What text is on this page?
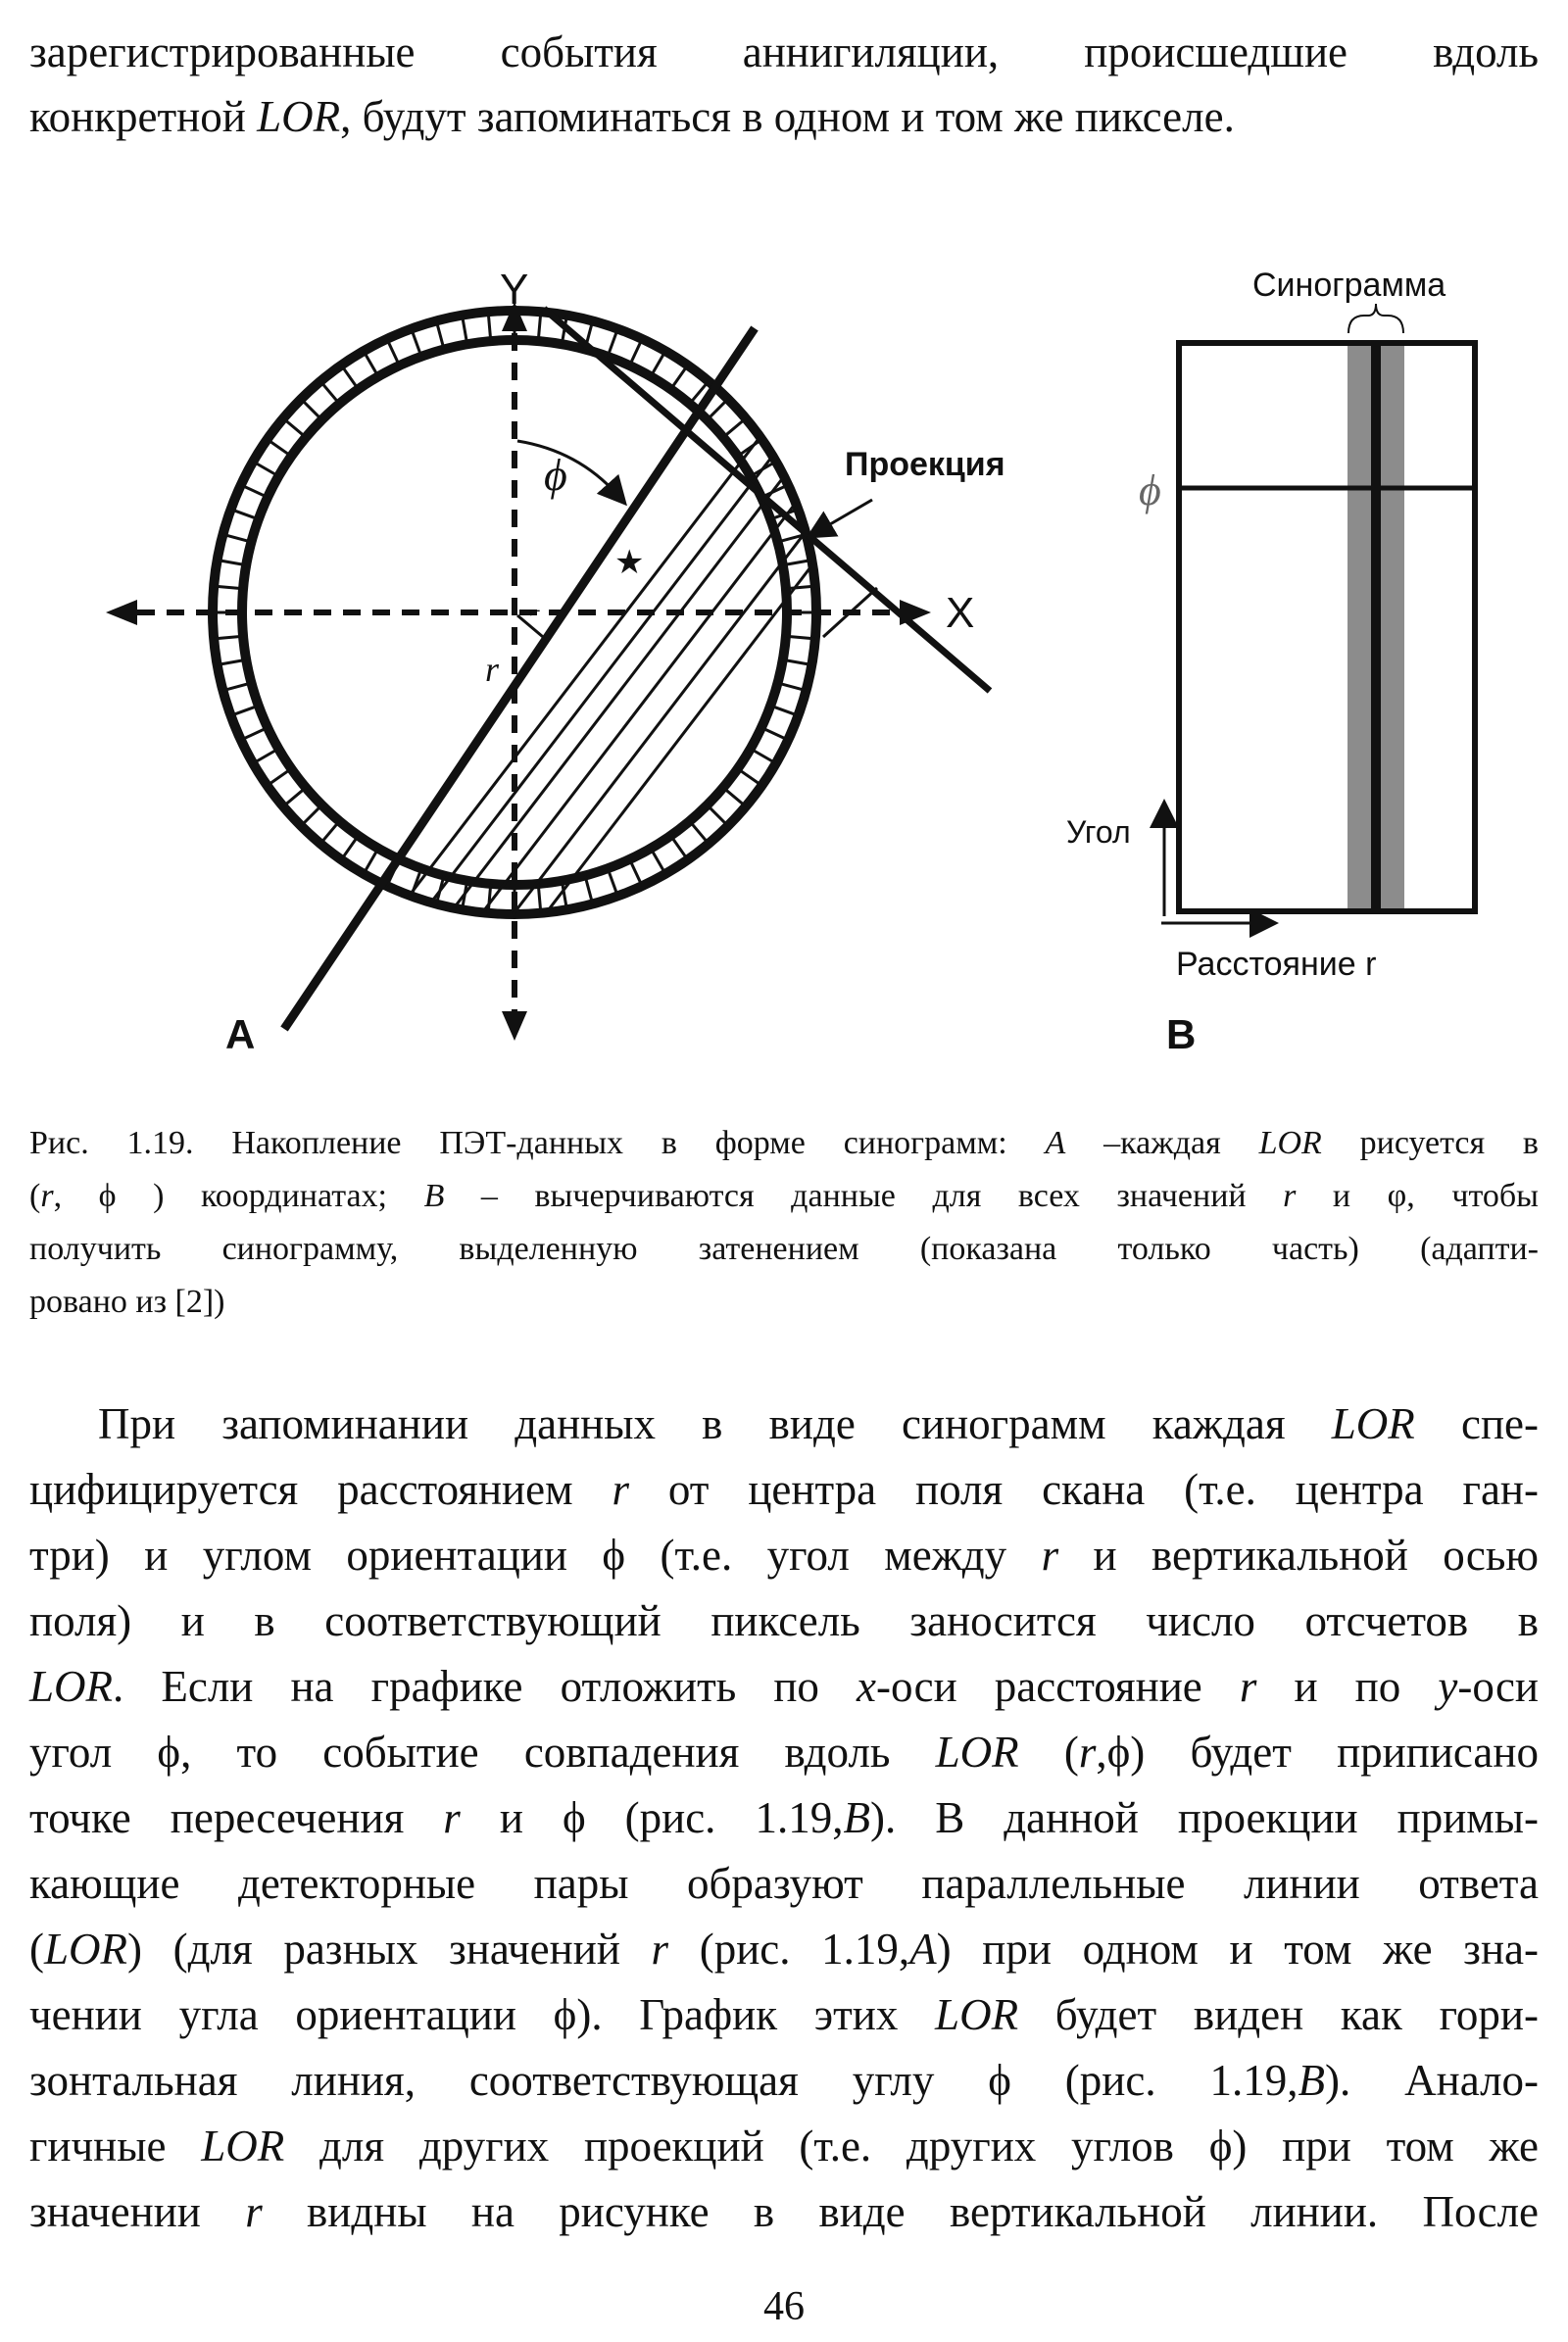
зарегистрированные события аннигиляции, происшедшие вдоль

конкретной LOR, будут запоминаться в одном и том же пикселе.

⌐
★
Y
X
ϕ
r
Проекция
A
Синограмма
ϕ
Угол
Расстояние r
B

Рис. 1.19. Накопление ПЭТ-данных в форме синограмм: A –каждая LOR рисуется в

(r, ϕ ) координатах; B – вычерчиваются данные для всех значений r и φ, чтобы

получить синограмму, выделенную затенением (показана только часть) (адапти-

ровано из [2])

При запоминании данных в виде синограмм каждая LOR спе-

цифицируется расстоянием r от центра поля скана (т.е. центра ган-

три) и углом ориентации ϕ (т.е. угол между r и вертикальной осью

поля) и в соответствующий пиксель заносится число отсчетов в

LOR. Если на графике отложить по x-оси расстояние r и по y-оси

угол ϕ, то событие совпадения вдоль LOR (r,ϕ) будет приписано

точке пересечения r и ϕ (рис. 1.19,B). В данной проекции примы-

кающие детекторные пары образуют параллельные линии ответа

(LOR) (для разных значений r (рис. 1.19,A) при одном и том же зна-

чении угла ориентации ϕ). График этих LOR будет виден как гори-

зонтальная линия, соответствующая углу ϕ (рис. 1.19,B). Анало-

гичные LOR для других проекций (т.е. других углов ϕ) при том же

значении r видны на рисунке в виде вертикальной линии. После

46
